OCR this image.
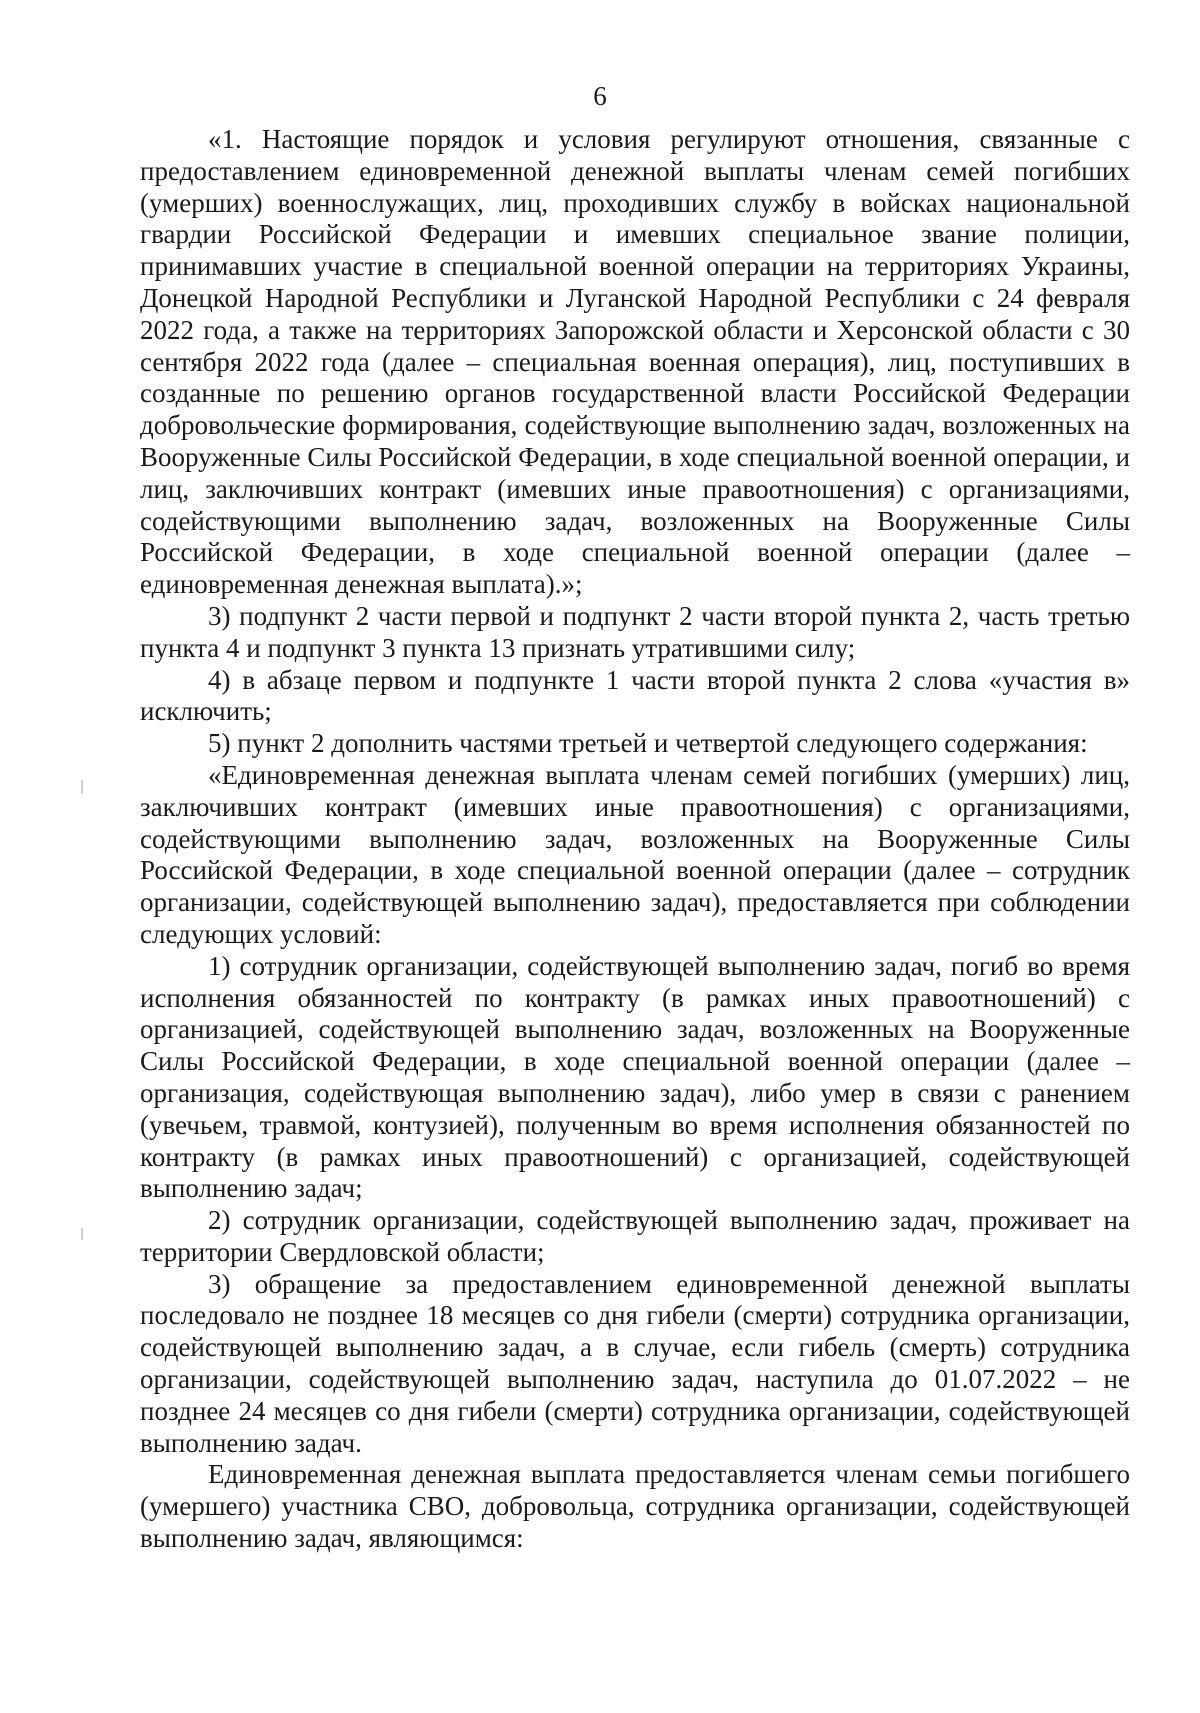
6

«1. Настоящие порядок и условия регулируют отношения, связанные с предоставлением единовременной денежной выплаты членам семей погибших (умерших) военнослужащих, лиц, проходивших службу в войсках национальной гвардии Российской Федерации и имевших специальное звание полиции, принимавших участие в специальной военной операции на территориях Украины, Донецкой Народной Республики и Луганской Народной Республики с 24 февраля 2022 года, а также на территориях Запорожской области и Херсонской области с 30 сентября 2022 года (далее – специальная военная операция), лиц, поступивших в созданные по решению органов государственной власти Российской Федерации добровольческие формирования, содействующие выполнению задач, возложенных на Вооруженные Силы Российской Федерации, в ходе специальной военной операции, и лиц, заключивших контракт (имевших иные правоотношения) с организациями, содействующими выполнению задач, возложенных на Вооруженные Силы Российской Федерации, в ходе специальной военной операции (далее – единовременная денежная выплата).»;

3) подпункт 2 части первой и подпункт 2 части второй пункта 2, часть третью пункта 4 и подпункт 3 пункта 13 признать утратившими силу;

4) в абзаце первом и подпункте 1 части второй пункта 2 слова «участия в» исключить;

5) пункт 2 дополнить частями третьей и четвертой следующего содержания:

«Единовременная денежная выплата членам семей погибших (умерших) лиц, заключивших контракт (имевших иные правоотношения) с организациями, содействующими выполнению задач, возложенных на Вооруженные Силы Российской Федерации, в ходе специальной военной операции (далее – сотрудник организации, содействующей выполнению задач), предоставляется при соблюдении следующих условий:

1) сотрудник организации, содействующей выполнению задач, погиб во время исполнения обязанностей по контракту (в рамках иных правоотношений) с организацией, содействующей выполнению задач, возложенных на Вооруженные Силы Российской Федерации, в ходе специальной военной операции (далее – организация, содействующая выполнению задач), либо умер в связи с ранением (увечьем, травмой, контузией), полученным во время исполнения обязанностей по контракту (в рамках иных правоотношений) с организацией, содействующей выполнению задач;

2) сотрудник организации, содействующей выполнению задач, проживает на территории Свердловской области;

3) обращение за предоставлением единовременной денежной выплаты последовало не позднее 18 месяцев со дня гибели (смерти) сотрудника организации, содействующей выполнению задач, а в случае, если гибель (смерть) сотрудника организации, содействующей выполнению задач, наступила до 01.07.2022 – не позднее 24 месяцев со дня гибели (смерти) сотрудника организации, содействующей выполнению задач.

Единовременная денежная выплата предоставляется членам семьи погибшего (умершего) участника СВО, добровольца, сотрудника организации, содействующей выполнению задач, являющимся:
